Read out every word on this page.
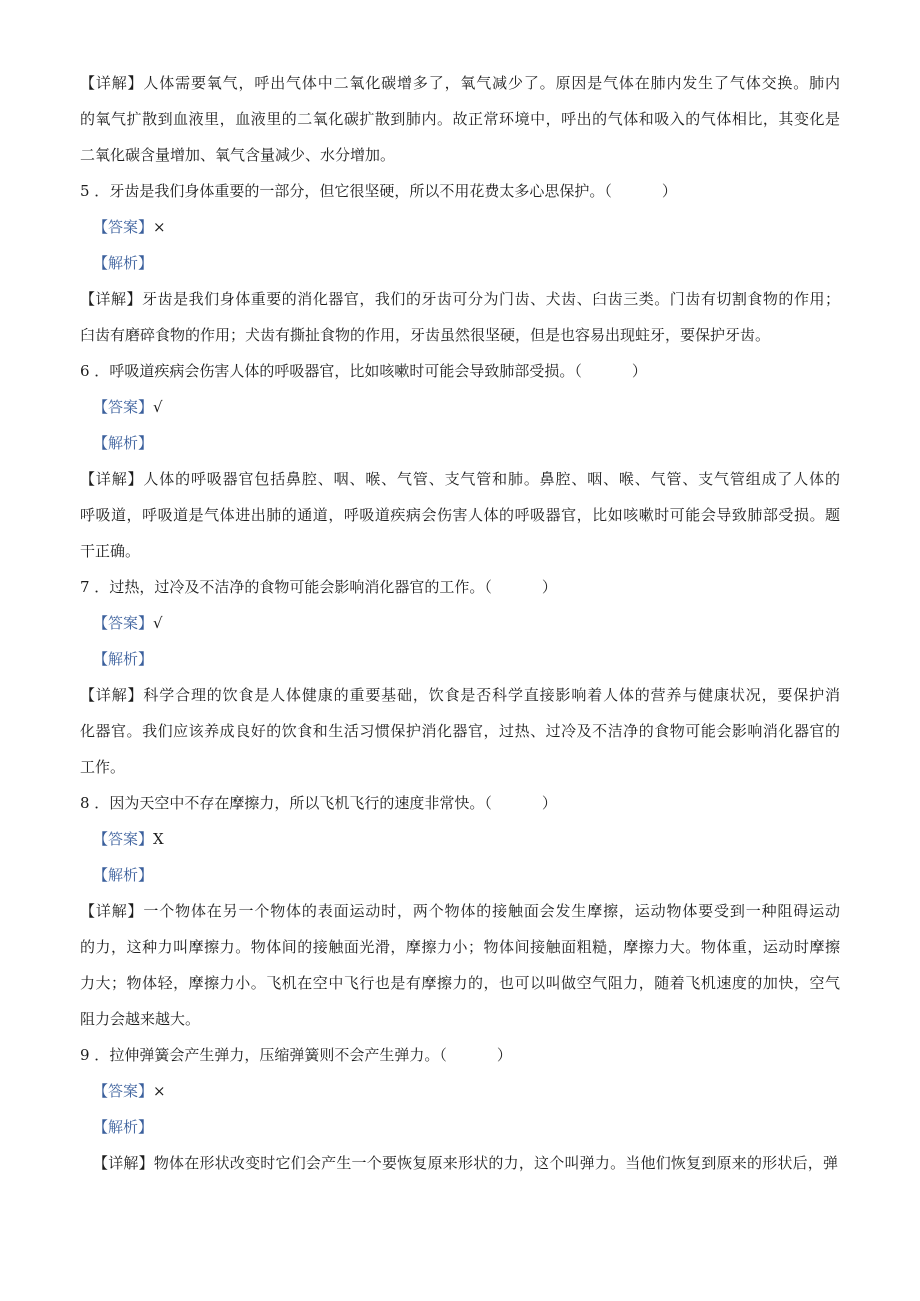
【详解】人体需要氧气，呼出气体中二氧化碳增多了，氧气减少了。原因是气体在肺内发生了气体交换。肺内
的氧气扩散到血液里，血液里的二氧化碳扩散到肺内。故正常环境中，呼出的气体和吸入的气体相比，其变化是
二氧化碳含量增加、氧气含量减少、水分增加。
5 ．牙齿是我们身体重要的一部分，但它很坚硬，所以不用花费太多心思保护。（	）
【答案】×
【解析】
【详解】牙齿是我们身体重要的消化器官，我们的牙齿可分为门齿、犬齿、臼齿三类。门齿有切割食物的作用；
臼齿有磨碎食物的作用；犬齿有撕扯食物的作用，牙齿虽然很坚硬，但是也容易出现蛀牙，要保护牙齿。
6 ．呼吸道疾病会伤害人体的呼吸器官，比如咳嗽时可能会导致肺部受损。（	）
【答案】√
【解析】
【详解】人体的呼吸器官包括鼻腔、咽、喉、气管、支气管和肺。鼻腔、咽、喉、气管、支气管组成了人体的
呼吸道，呼吸道是气体进出肺的通道，呼吸道疾病会伤害人体的呼吸器官，比如咳嗽时可能会导致肺部受损。题
干正确。
7 ．过热，过冷及不洁净的食物可能会影响消化器官的工作。（	）
【答案】√
【解析】
【详解】科学合理的饮食是人体健康的重要基础，饮食是否科学直接影响着人体的营养与健康状况，要保护消
化器官。我们应该养成良好的饮食和生活习惯保护消化器官，过热、过冷及不洁净的食物可能会影响消化器官的
工作。
8 ．因为天空中不存在摩擦力，所以飞机飞行的速度非常快。（	）
【答案】X
【解析】
【详解】一个物体在另一个物体的表面运动时，两个物体的接触面会发生摩擦，运动物体要受到一种阻碍运动
的力，这种力叫摩擦力。物体间的接触面光滑，摩擦力小；物体间接触面粗糙，摩擦力大。物体重，运动时摩擦
力大；物体轻，摩擦力小。飞机在空中飞行也是有摩擦力的，也可以叫做空气阻力，随着飞机速度的加快，空气
阻力会越来越大。
9 ．拉伸弹簧会产生弹力，压缩弹簧则不会产生弹力。（	）
【答案】×
【解析】
【详解】物体在形状改变时它们会产生一个要恢复原来形状的力，这个叫弹力。当他们恢复到原来的形状后，弹
